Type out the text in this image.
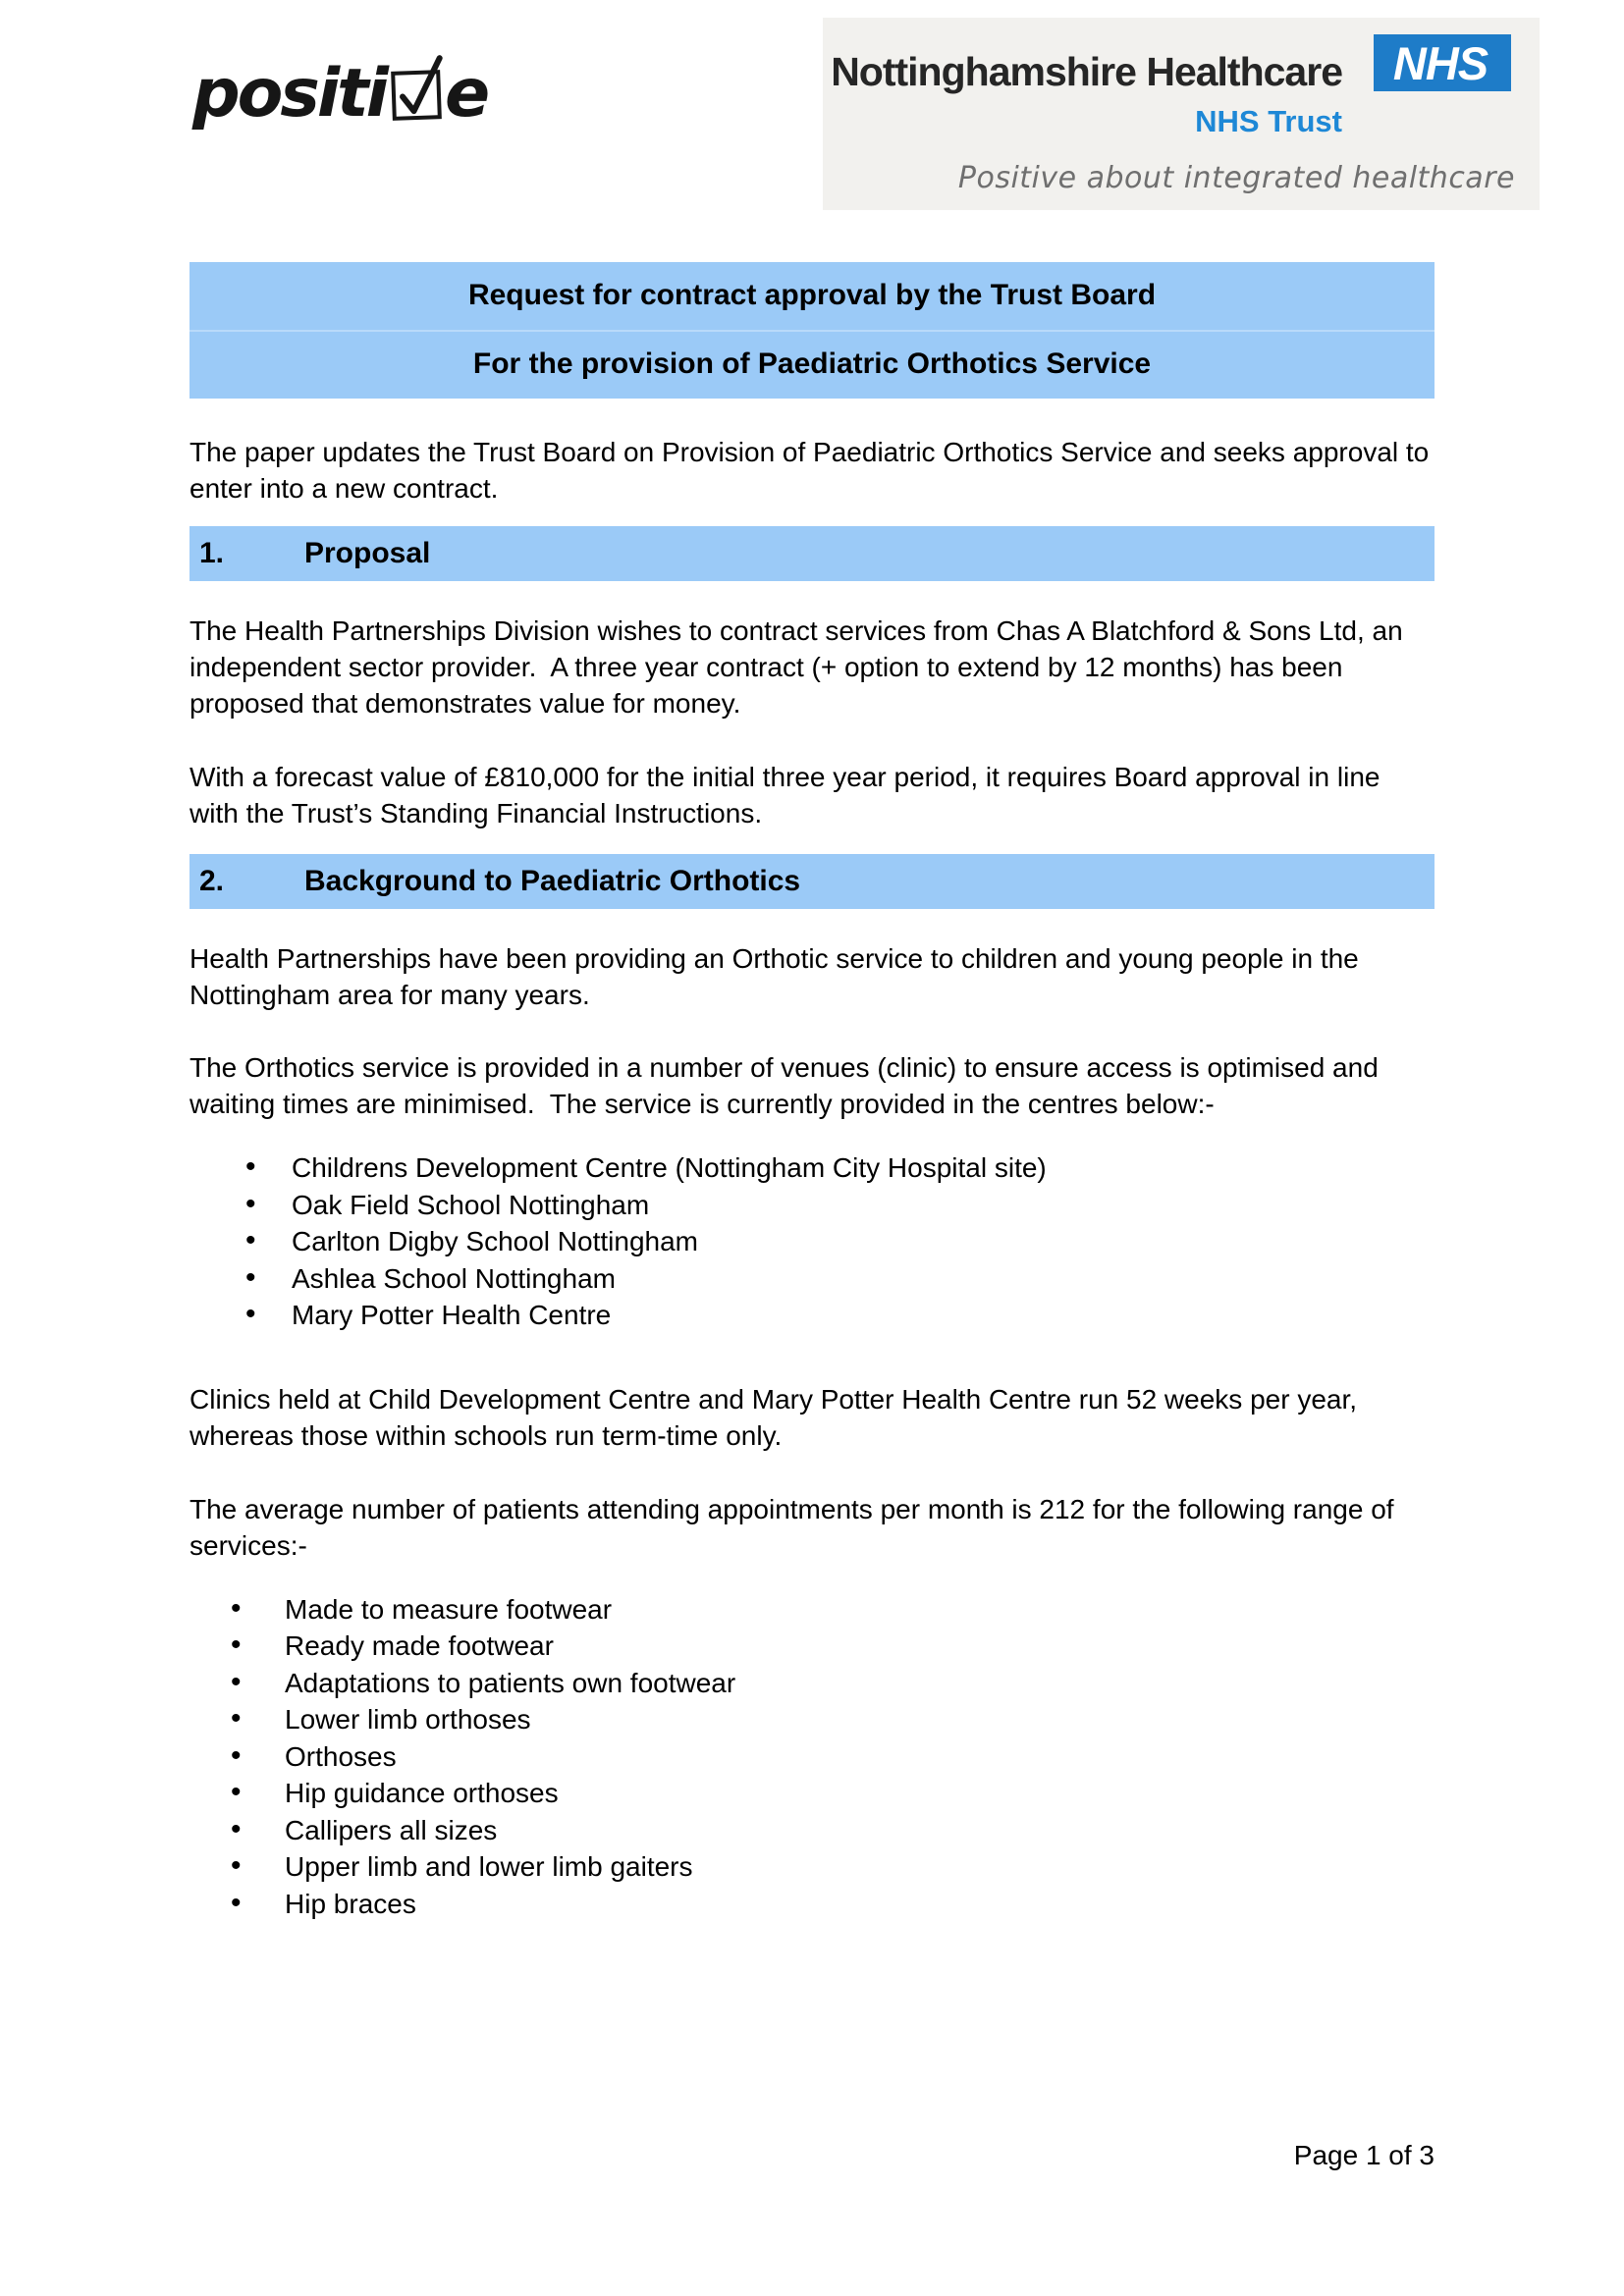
positi e	Nottinghamshire Healthcare NHS
NHS Trust
Positive about integrated healthcare
Request for contract approval by the Trust Board
For the provision of Paediatric Orthotics Service

The paper updates the Trust Board on Provision of Paediatric Orthotics Service and seeks approval to enter into a new contract.

1.	Proposal

The Health Partnerships Division wishes to contract services from Chas A Blatchford & Sons Ltd, an independent sector provider.  A three year contract (+ option to extend by 12 months) has been proposed that demonstrates value for money.

With a forecast value of £810,000 for the initial three year period, it requires Board approval in line with the Trust’s Standing Financial Instructions.

2.	Background to Paediatric Orthotics

Health Partnerships have been providing an Orthotic service to children and young people in the Nottingham area for many years.

The Orthotics service is provided in a number of venues (clinic) to ensure access is optimised and waiting times are minimised.  The service is currently provided in the centres below:-

• Childrens Development Centre (Nottingham City Hospital site)
• Oak Field School Nottingham
• Carlton Digby School Nottingham
• Ashlea School Nottingham
• Mary Potter Health Centre

Clinics held at Child Development Centre and Mary Potter Health Centre run 52 weeks per year, whereas those within schools run term-time only.

The average number of patients attending appointments per month is 212 for the following range of services:-

• Made to measure footwear
• Ready made footwear
• Adaptations to patients own footwear
• Lower limb orthoses
• Orthoses
• Hip guidance orthoses
• Callipers all sizes
• Upper limb and lower limb gaiters
• Hip braces
Page 1 of 3
